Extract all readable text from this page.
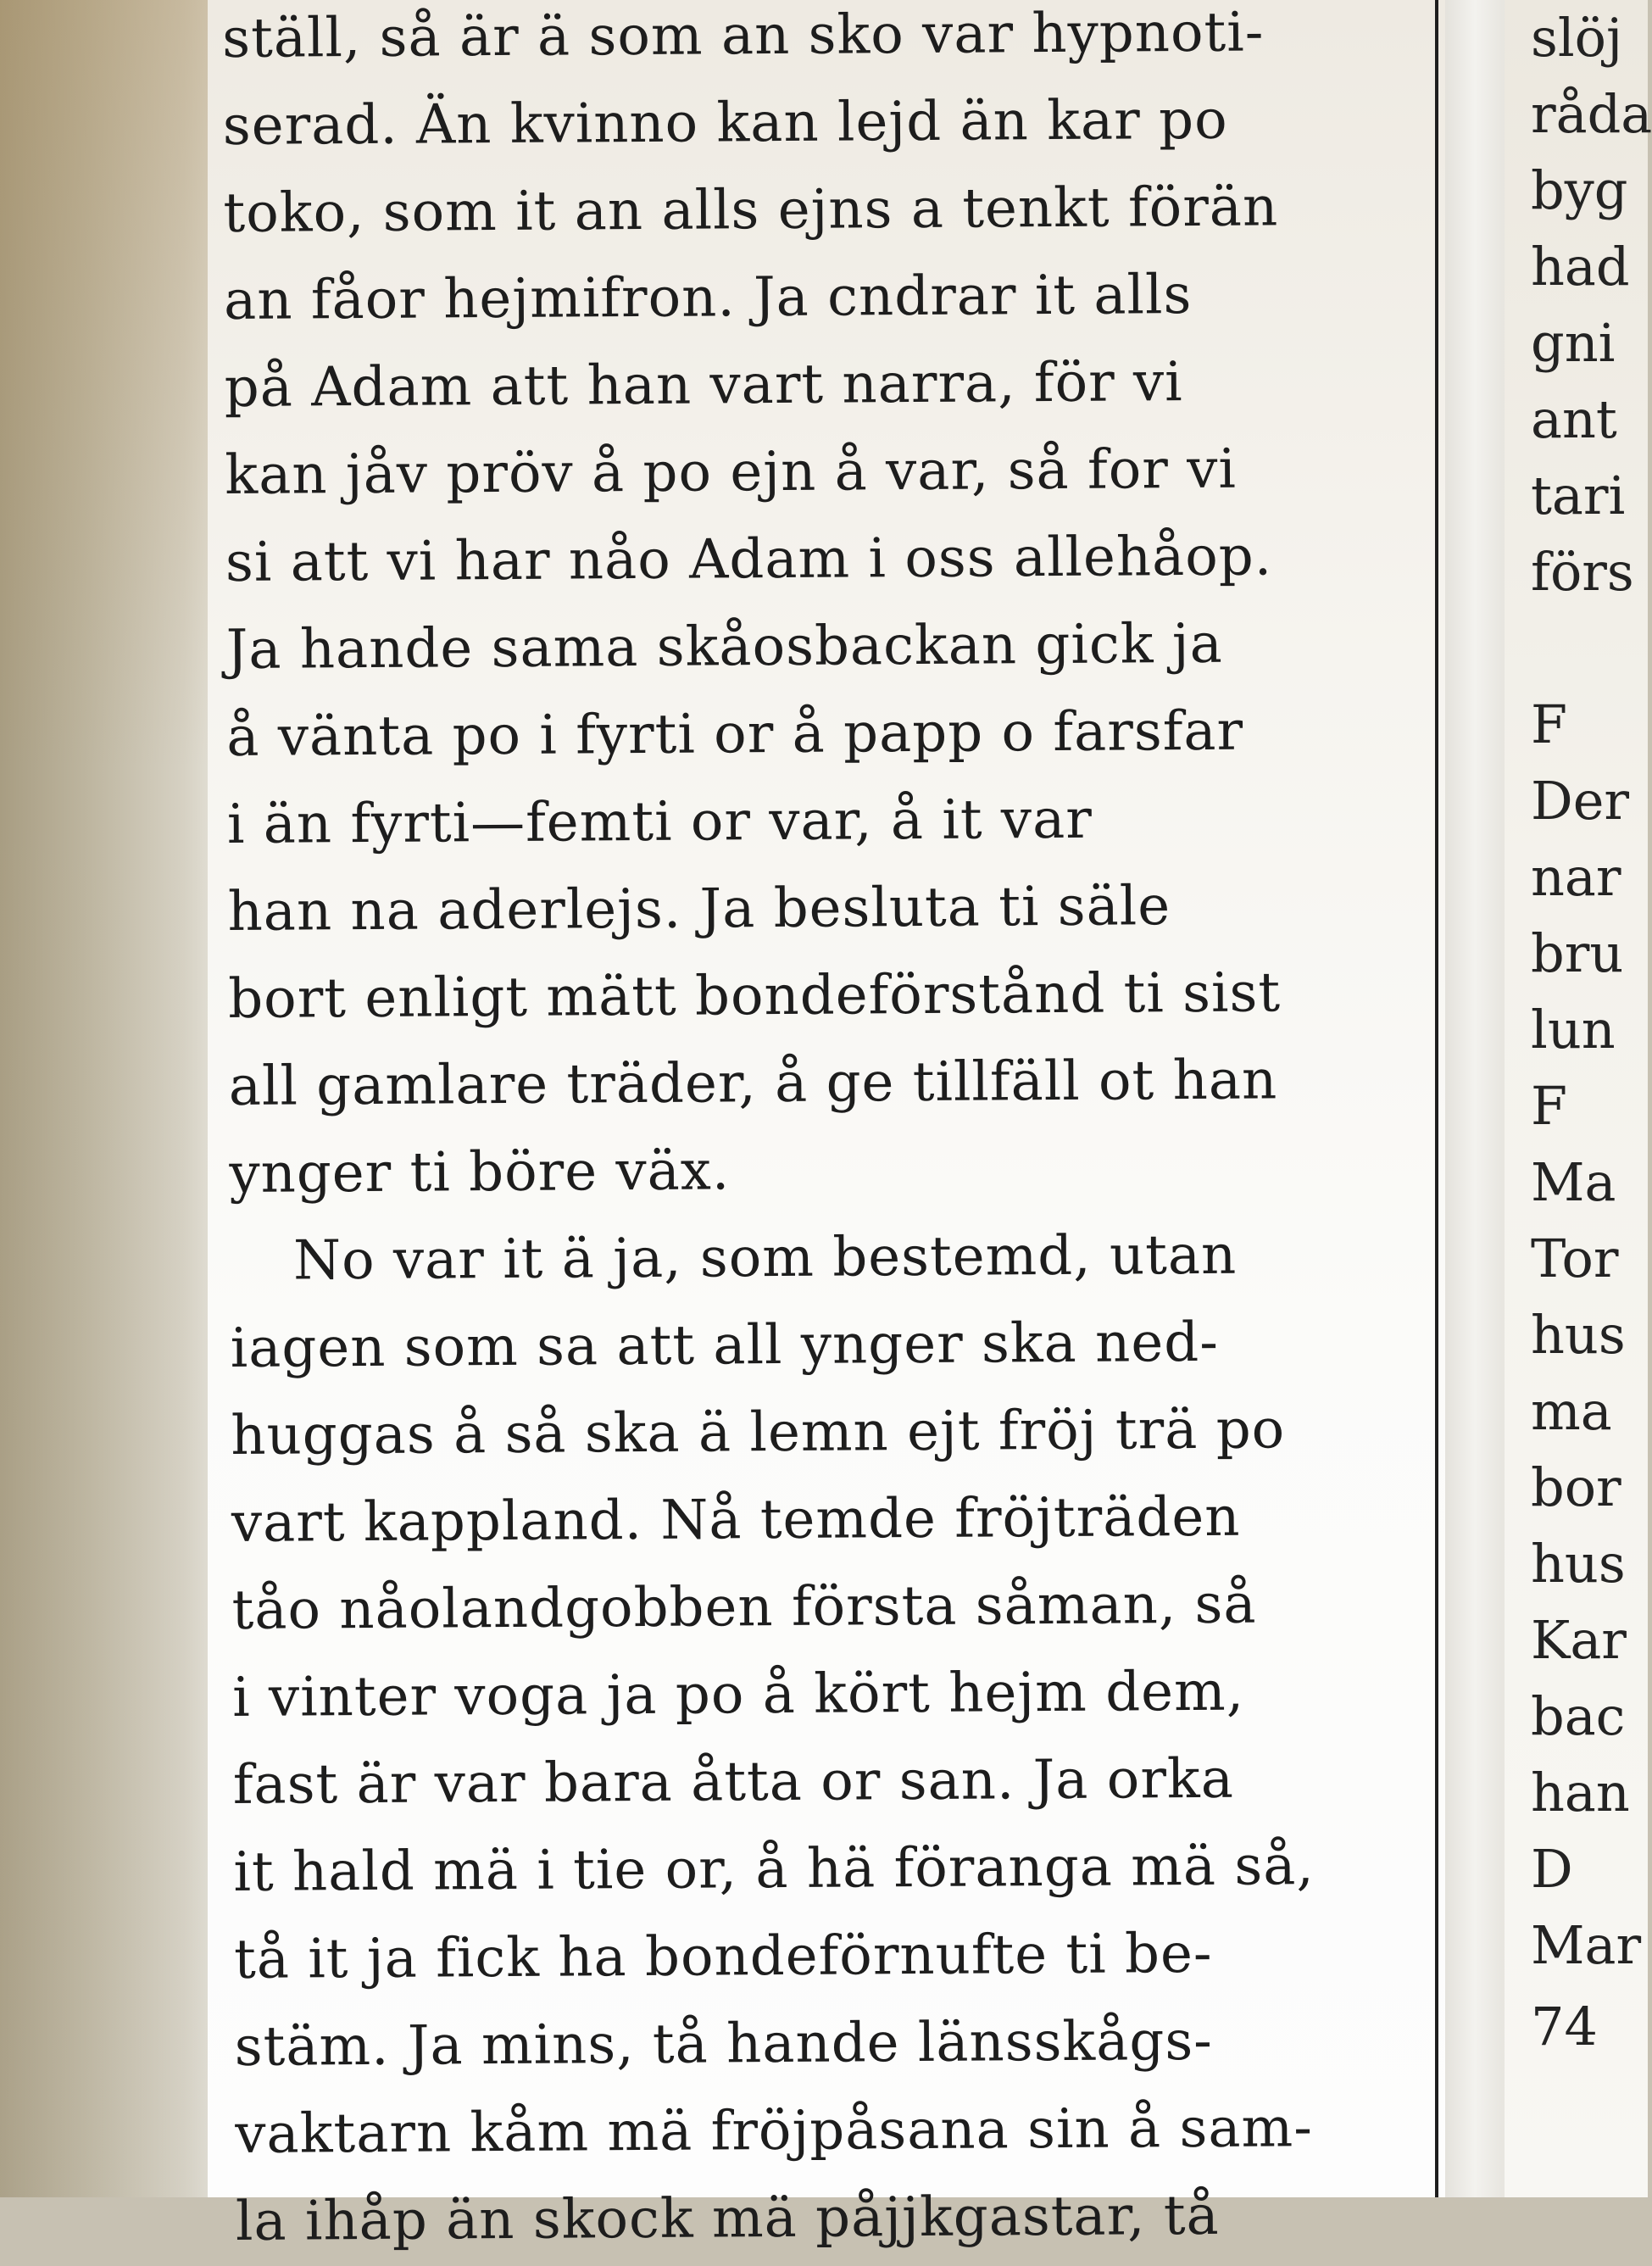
ställ, så är ä som an sko var hypnoti-
serad. Än kvinno kan lejd än kar po
toko, som it an alls ejns a tenkt förän
an fåor hejmifron. Ja cndrar it alls
på Adam att han vart narra, för vi
kan jåv pröv å po ejn å var, så for vi
si att vi har nåo Adam i oss allehåop.
Ja hande sama skåosbackan gick ja
å vänta po i fyrti or å papp o farsfar
i än fyrti—femti or var, å it var
han na aderlejs. Ja besluta ti säle
bort enligt mätt bondeförstånd ti sist
all gamlare träder, å ge tillfäll ot han
ynger ti böre väx.
No var it ä ja, som bestemd, utan
iagen som sa att all ynger ska ned-
huggas å så ska ä lemn ejt fröj trä po
vart kappland. Nå temde fröjträden
tåo nåolandgobben första såman, så
i vinter voga ja po å kört hejm dem,
fast är var bara åtta or san. Ja orka
it hald mä i tie or, å hä föranga mä så,
tå it ja fick ha bondeförnufte ti be-
stäm. Ja mins, tå hande länsskågs-
vaktarn kåm mä fröjpåsana sin å sam-
la ihåp än skock mä påjjkgastar, tå
slöj
råda
byg
had
gni
ant
tari
förs
F
Der
nar
bru
lun
F
Ma
Tor
hus
ma
bor
hus
Kar
bac
han
D
Mar
74
